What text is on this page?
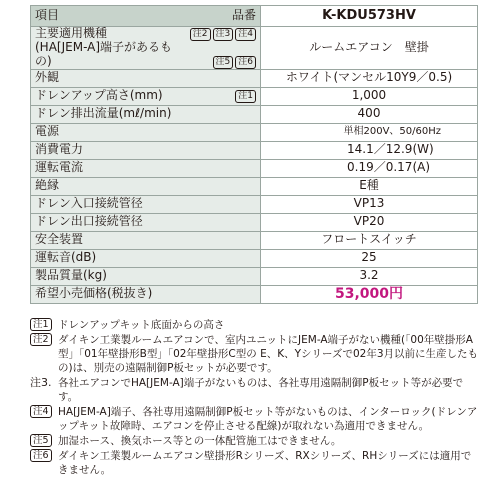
項目 品番	K-KDU573HV

主要適用機種 注2 注3 注4
(HA[JEM-A]端子があるもの) 注5 注6	ルームエアコン　壁掛
外観	ホワイト(マンセル10Y9／0.5)
ドレンアップ高さ(mm) 注1	1,000
ドレン排出流量(mℓ/min)	400
電源	単相200V、50/60Hz
消費電力	14.1／12.9(W)
運転電流	0.19／0.17(A)
絶縁	E種
ドレン入口接続管径	VP13
ドレン出口接続管径	VP20
安全装置	フロートスイッチ
運転音(dB)	25
製品質量(kg)	3.2
希望小売価格(税抜き)	53,000円
注1 ドレンアップキット底面からの高さ
注2 ダイキン工業製ルームエアコンで、室内ユニットにJEM-A端子がない機種(「00年壁掛形A型」「01年壁掛形B型」「02年壁掛形C型の E、K、Yシリーズで02年3月以前に生産したもの)は、別売の遠隔制御P板セットが必要です。
注3. 各社エアコンでHA[JEM-A]端子がないものは、各社専用遠隔制御P板セット等が必要です。
注4 HA[JEM-A]端子、各社専用遠隔制御P板セット等がないものは、インターロック(ドレンアップキット故障時、エアコンを停止させる配線)が取れない為適用できません。
注5 加湿ホース、換気ホース等との一体配管施工はできません。
注6 ダイキン工業製ルームエアコン壁掛形Rシリーズ、RXシリーズ、RHシリーズには適用できません。
